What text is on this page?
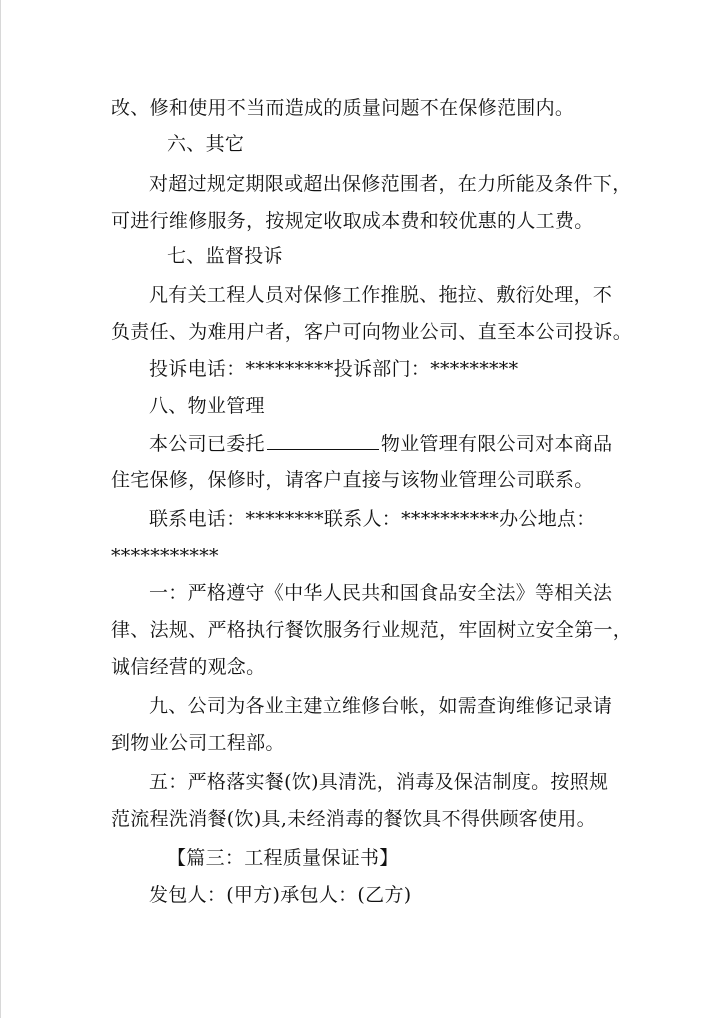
改、修和使用不当而造成的质量问题不在保修范围内。
六、其它
对超过规定期限或超出保修范围者，在力所能及条件下，
可进行维修服务，按规定收取成本费和较优惠的人工费。
七、监督投诉
凡有关工程人员对保修工作推脱、拖拉、敷衍处理，不
负责任、为难用户者，客户可向物业公司、直至本公司投诉。
投诉电话：*********投诉部门：*********
八、物业管理
本公司已委托	物业管理有限公司对本商品
住宅保修，保修时，请客户直接与该物业管理公司联系。
联系电话：********联系人：**********办公地点：
***********
一：严格遵守《中华人民共和国食品安全法》等相关法
律、法规、严格执行餐饮服务行业规范，牢固树立安全第一，
诚信经营的观念。
九、公司为各业主建立维修台帐，如需查询维修记录请
到物业公司工程部。
五：严格落实餐(饮)具清洗，消毒及保洁制度。按照规
范流程洗消餐(饮)具,未经消毒的餐饮具不得供顾客使用。
【篇三：工程质量保证书】
发包人：(甲方)承包人：(乙方)
